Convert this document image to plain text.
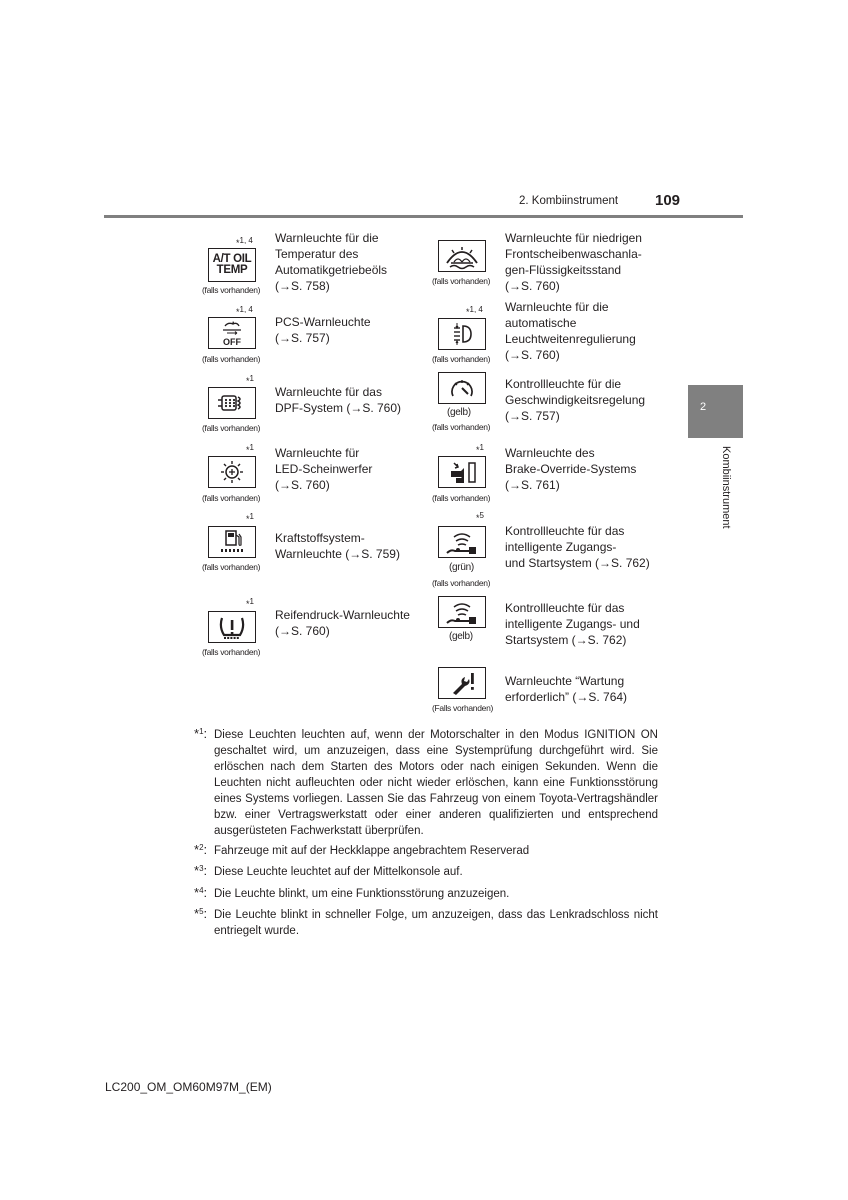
2. Kombiinstrument 109
2
Kombiinstrument
*1, 4
A/T OIL
TEMP
(falls vorhanden)
Warnleuchte für die
Temperatur des
Automatikgetriebeöls
(→S. 758)
*1, 4
OFF
(falls vorhanden)
PCS-Warnleuchte
(→S. 757)
*1
(falls vorhanden)
Warnleuchte für das
DPF-System (→S. 760)
*1
(falls vorhanden)
Warnleuchte für
LED-Scheinwerfer
(→S. 760)
*1
(falls vorhanden)
Kraftstoffsystem-
Warnleuchte (→S. 759)
*1
(falls vorhanden)
Reifendruck-Warnleuchte
(→S. 760)
(falls vorhanden)
Warnleuchte für niedrigen
Frontscheibenwaschanla-
gen-Flüssigkeitsstand
(→S. 760)
*1, 4
(falls vorhanden)
Warnleuchte für die
automatische
Leuchtweitenregulierung
(→S. 760)
(gelb)
(falls vorhanden)
Kontrollleuchte für die
Geschwindigkeitsregelung
(→S. 757)
*1
(falls vorhanden)
Warnleuchte des
Brake-Override-Systems
(→S. 761)
*5
(grün)
(falls vorhanden)
Kontrollleuchte für das
intelligente Zugangs-
und Startsystem (→S. 762)
(gelb)
Kontrollleuchte für das
intelligente Zugangs- und
Startsystem (→S. 762)
(Falls vorhanden)
Warnleuchte “Wartung
erforderlich” (→S. 764)
*$^1$: Diese Leuchten leuchten auf, wenn der Motorschalter in den Modus IGNITION ON geschaltet wird, um anzuzeigen, dass eine Systemprüfung durchgeführt wird. Sie erlöschen nach dem Starten des Motors oder nach einigen Sekunden. Wenn die Leuchten nicht aufleuchten oder nicht wieder erlöschen, kann eine Funktionsstörung eines Systems vorliegen. Lassen Sie das Fahrzeug von einem Toyota-Vertragshändler bzw. einer Vertragswerkstatt oder einer anderen qualifizierten und entsprechend ausgerüsteten Fachwerkstatt überprüfen.
*$^2$: Fahrzeuge mit auf der Heckklappe angebrachtem Reserverad
*$^3$: Diese Leuchte leuchtet auf der Mittelkonsole auf.
*$^4$: Die Leuchte blinkt, um eine Funktionsstörung anzuzeigen.
*$^5$: Die Leuchte blinkt in schneller Folge, um anzuzeigen, dass das Lenkradschloss nicht entriegelt wurde.
LC200_OM_OM60M97M_(EM)
